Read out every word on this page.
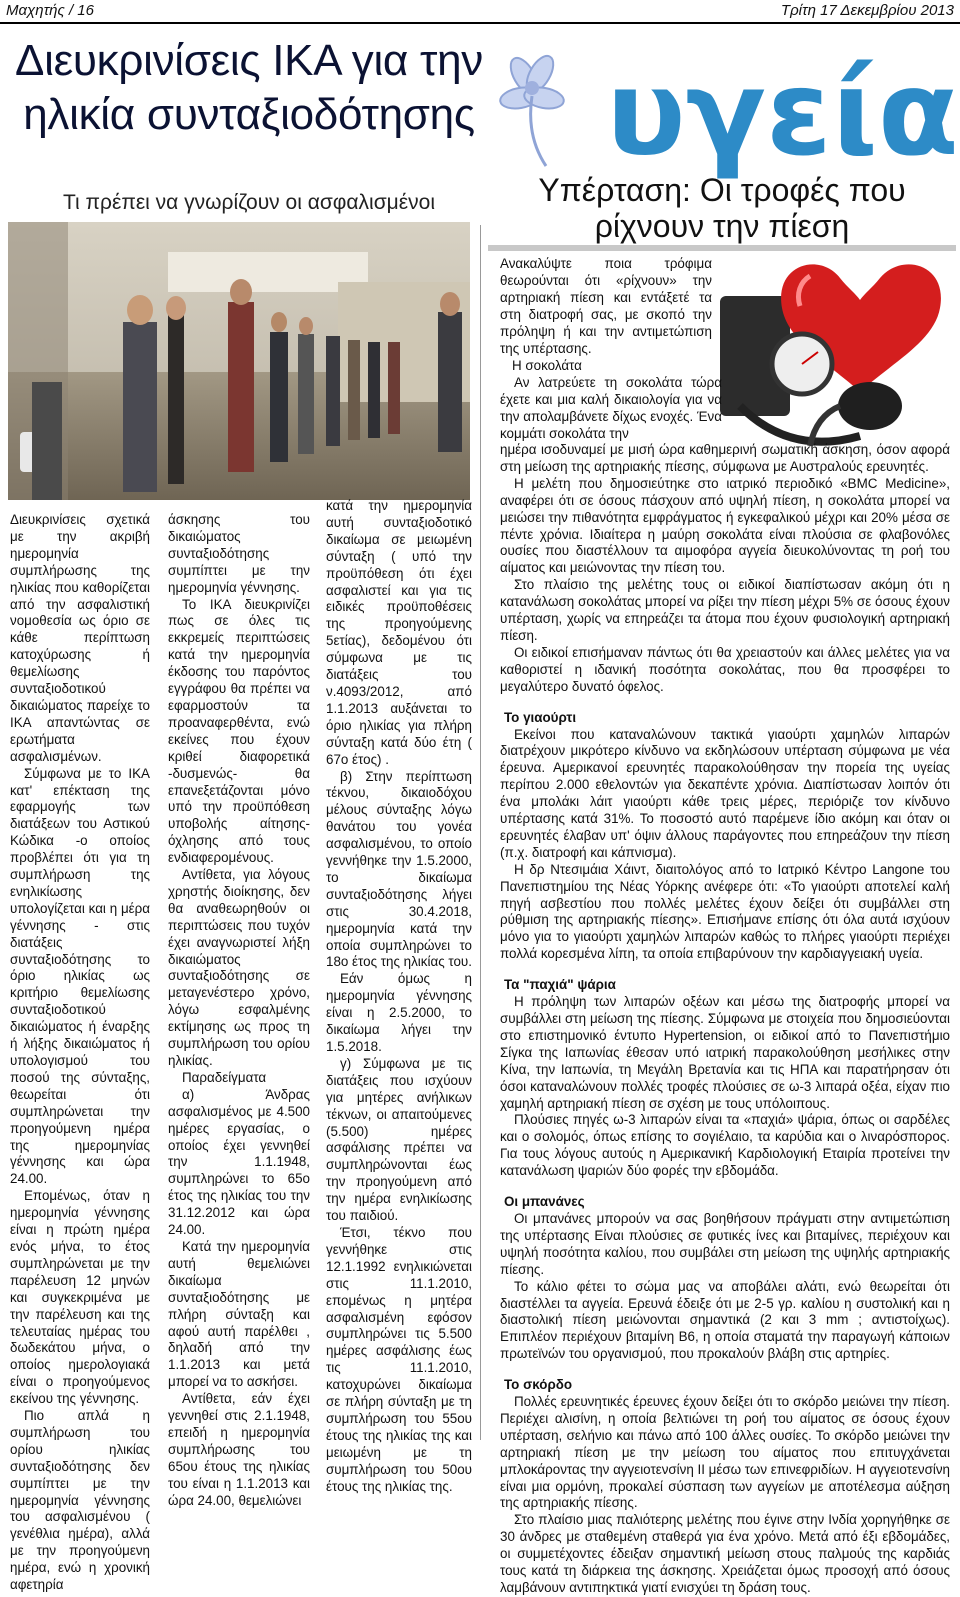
Μαχητής / 16	Τρίτη 17 Δεκεμβρίου 2013
Διευκρινίσεις ΙΚΑ για την ηλικία συνταξιοδότησης
Τι πρέπει να γνωρίζουν οι ασφαλισμένοι

Διευκρινίσεις σχετικά με την ακριβή ημερομηνία συμπλήρωσης της ηλικίας που καθορίζεται από την ασφαλιστική νομοθεσία ως όριο σε κάθε περίπτωση κατοχύρωσης ή θεμελίωσης συνταξιοδοτικού δικαιώματος παρείχε το ΙΚΑ απαντώντας σε ερωτήματα ασφαλισμένων.

Σύμφωνα με το ΙΚΑ κατ' επέκταση της εφαρμογής των διατάξεων του Αστικού Κώδικα -ο οποίος προβλέπει ότι για τη συμπλήρωση της ενηλικίωσης υπολογίζεται και η μέρα γέννησης - στις διατάξεις συνταξιοδότησης το όριο ηλικίας ως κριτήριο θεμελίωσης συνταξιοδοτικού δικαιώματος ή έναρξης ή λήξης δικαιώματος ή υπολογισμού του ποσού της σύνταξης, θεωρείται ότι συμπληρώνεται την προηγούμενη ημέρα της ημερομηνίας γέννησης και ώρα 24.00.

Επομένως, όταν η ημερομηνία γέννησης είναι η πρώτη ημέρα ενός μήνα, το έτος συμπληρώνεται με την παρέλευση 12 μηνών και συγκεκριμένα με την παρέλευση και της τελευταίας ημέρας του δωδεκάτου μήνα, ο οποίος ημερολογιακά είναι ο προηγούμενος εκείνου της γέννησης.

Πιο απλά η συμπλήρωση του ορίου ηλικίας συνταξιοδότησης δεν συμπίπτει με την ημερομηνία γέννησης του ασφαλισμένου ( γενέθλια ημέρα), αλλά με την προηγούμενη ημέρα, ενώ η χρονική αφετηρία

άσκησης του δικαιώματος συνταξιοδότησης συμπίπτει με την ημερομηνία γέννησης.

Το ΙΚΑ διευκρινίζει πως σε όλες τις εκκρεμείς περιπτώσεις κατά την ημερομηνία έκδοσης του παρόντος εγγράφου θα πρέπει να εφαρμοστούν τα προαναφερθέντα, ενώ εκείνες που έχουν κριθεί διαφορετικά -δυσμενώς- θα επανεξετάζονται μόνο υπό την προϋπόθεση υποβολής αίτησης-όχλησης από τους ενδιαφερομένους.

Αντίθετα, για λόγους χρηστής διοίκησης, δεν θα αναθεωρηθούν οι περιπτώσεις που τυχόν έχει αναγνωριστεί λήξη δικαιώματος συνταξιοδότησης σε μεταγενέστερο χρόνο, λόγω εσφαλμένης εκτίμησης ως προς τη συμπλήρωση του ορίου ηλικίας.

Παραδείγματα

α) Άνδρας ασφαλισμένος με 4.500 ημέρες εργασίας, ο οποίος έχει γεννηθεί την 1.1.1948, συμπληρώνει το 65ο έτος της ηλικίας του την 31.12.2012 και ώρα 24.00.

Κατά την ημερομηνία αυτή θεμελιώνει δικαίωμα συνταξιοδότησης με πλήρη σύνταξη και αφού αυτή παρέλθει , δηλαδή από την 1.1.2013 και μετά μπορεί να το ασκήσει.

Αντίθετα, εάν έχει γεννηθεί στις 2.1.1948, επειδή η ημερομηνία συμπλήρωσης του 65ου έτους της ηλικίας του είναι η 1.1.2013 και ώρα 24.00, θεμελιώνει

κατά την ημερομηνία αυτή συνταξιοδοτικό δικαίωμα σε μειωμένη σύνταξη ( υπό την προϋπόθεση ότι έχει ασφαλιστεί και για τις ειδικές προϋποθέσεις της προηγούμενης 5ετίας), δεδομένου ότι σύμφωνα με τις διατάξεις του ν.4093/2012, από 1.1.2013 αυξάνεται το όριο ηλικίας για πλήρη σύνταξη κατά δύο έτη ( 67ο έτος) .

β) Στην περίπτωση τέκνου, δικαιοδόχου μέλους σύνταξης λόγω θανάτου του γονέα ασφαλισμένου, το οποίο γεννήθηκε την 1.5.2000, το δικαίωμα συνταξιοδότησης λήγει στις 30.4.2018, ημερομηνία κατά την οποία συμπληρώνει το 18ο έτος της ηλικίας του.

Εάν όμως η ημερομηνία γέννησης είναι η 2.5.2000, το δικαίωμα λήγει την 1.5.2018.

γ) Σύμφωνα με τις διατάξεις που ισχύουν για μητέρες ανήλικων τέκνων, οι απαιτούμενες (5.500) ημέρες ασφάλισης πρέπει να συμπληρώνονται έως την προηγούμενη από την ημέρα ενηλικίωσης του παιδιού.

Έτσι, τέκνο που γεννήθηκε στις 12.1.1992 ενηλικιώνεται στις 11.1.2010, επομένως η μητέρα ασφαλισμένη εφόσον συμπληρώνει τις 5.500 ημέρες ασφάλισης έως τις 11.1.2010, κατοχυρώνει δικαίωμα σε πλήρη σύνταξη με τη συμπλήρωση του 55ου έτους της ηλικίας της και μειωμένη με τη συμπλήρωση του 50ου έτους της ηλικίας της.

υγεία
Υπέρταση: Οι τροφές που ρίχνουν την πίεση
Ανακαλύψτε ποια τρόφιμα θεωρούνται ότι «ρίχνουν» την αρτηριακή πίεση και εντάξετέ τα στη διατροφή σας, με σκοπό την πρόληψη ή και την αντιμετώπιση της υπέρτασης.
Η σοκολάτα
Αν λατρεύετε τη σοκολάτα τώρα έχετε και μια καλή δικαιολογία για να την απολαμβάνετε δίχως ενοχές. Ένα κομμάτι σοκολάτα την

ημέρα ισοδυναμεί με μισή ώρα καθημερινή σωματική άσκηση, όσον αφορά στη μείωση της αρτηριακής πίεσης, σύμφωνα με Αυστραλούς ερευνητές.

Η μελέτη που δημοσιεύτηκε στο ιατρικό περιοδικό «BMC Medicine», αναφέρει ότι σε όσους πάσχουν από υψηλή πίεση, η σοκολάτα μπορεί να μειώσει την πιθανότητα εμφράγματος ή εγκεφαλικού μέχρι και 20% μέσα σε πέντε χρόνια. Ιδιαίτερα η μαύρη σοκολάτα είναι πλούσια σε φλαβονόλες ουσίες που διαστέλλουν τα αιμοφόρα αγγεία διευκολύνοντας τη ροή του αίματος και μειώνοντας την πίεση του.

Στο πλαίσιο της μελέτης τους οι ειδικοί διαπίστωσαν ακόμη ότι η κατανάλωση σοκολάτας μπορεί να ρίξει την πίεση μέχρι 5% σε όσους έχουν υπέρταση, χωρίς να επηρεάζει τα άτομα που έχουν φυσιολογική αρτηριακή πίεση.

Οι ειδικοί επισήμαναν πάντως ότι θα χρειαστούν και άλλες μελέτες για να καθοριστεί η ιδανική ποσότητα σοκολάτας, που θα προσφέρει το μεγαλύτερο δυνατό όφελος.

Το γιαούρτι

Εκείνοι που καταναλώνουν τακτικά γιαούρτι χαμηλών λιπαρών διατρέχουν μικρότερο κίνδυνο να εκδηλώσουν υπέρταση σύμφωνα με νέα έρευνα. Αμερικανοί ερευνητές παρακολούθησαν την πορεία της υγείας περίπου 2.000 εθελοντών για δεκαπέντε χρόνια. Διαπίστωσαν λοιπόν ότι ένα μπολάκι λάιτ γιαούρτι κάθε τρεις μέρες, περιόριζε τον κίνδυνο υπέρτασης κατά 31%. Το ποσοστό αυτό παρέμενε ίδιο ακόμη και όταν οι ερευνητές έλαβαν υπ' όψιν άλλους παράγοντες που επηρεάζουν την πίεση (π.χ. διατροφή και κάπνισμα).

Η δρ Ντεσιμάια Χάιντ, διαιτολόγος από το Ιατρικό Κέντρο Langone του Πανεπιστημίου της Νέας Υόρκης ανέφερε ότι: «Το γιαούρτι αποτελεί καλή πηγή ασβεστίου που πολλές μελέτες έχουν δείξει ότι συμβάλλει στη ρύθμιση της αρτηριακής πίεσης». Επισήμανε επίσης ότι όλα αυτά ισχύουν μόνο για το γιαούρτι χαμηλών λιπαρών καθώς το πλήρες γιαούρτι περιέχει πολλά κορεσμένα λίπη, τα οποία επιβαρύνουν την καρδιαγγειακή υγεία.

Τα "παχιά" ψάρια

Η πρόληψη των λιπαρών οξέων και μέσω της διατροφής μπορεί να συμβάλλει στη μείωση της πίεσης. Σύμφωνα με στοιχεία που δημοσιεύονται στο επιστημονικό έντυπο Hypertension, οι ειδικοί από το Πανεπιστήμιο Σίγκα της Ιαπωνίας έθεσαν υπό ιατρική παρακολούθηση μεσήλικες στην Κίνα, την Ιαπωνία, τη Μεγάλη Βρετανία και τις ΗΠΑ και παρατήρησαν ότι όσοι καταναλώνουν πολλές τροφές πλούσιες σε ω-3 λιπαρά οξέα, είχαν πιο χαμηλή αρτηριακή πίεση σε σχέση με τους υπόλοιπους.

Πλούσιες πηγές ω-3 λιπαρών είναι τα «παχιά» ψάρια, όπως οι σαρδέλες και ο σολομός, όπως επίσης το σογιέλαιο, τα καρύδια και ο λιναρόσπορος. Για τους λόγους αυτούς η Αμερικανική Καρδιολογική Εταιρία προτείνει την κατανάλωση ψαριών δύο φορές την εβδομάδα.

Οι μπανάνες

Οι μπανάνες μπορούν να σας βοηθήσουν πράγματι στην αντιμετώπιση της υπέρτασης Είναι πλούσιες σε φυτικές ίνες και βιταμίνες, περιέχουν και υψηλή ποσότητα καλίου, που συμβάλει στη μείωση της υψηλής αρτηριακής πίεσης.

Το κάλιο φέτει το σώμα μας να αποβάλει αλάτι, ενώ θεωρείται ότι διαστέλλει τα αγγεία. Ερευνά έδειξε ότι με 2-5 γρ. καλίου η συστολική και η διαστολική πίεση μειώνονται σημαντικά (2 και 3 mm ; αντιστοίχως). Επιπλέον περιέχουν βιταμίνη Β6, η οποία σταματά την παραγωγή κάποιων πρωτεϊνών του οργανισμού, που προκαλούν βλάβη στις αρτηρίες.

Το σκόρδο

Πολλές ερευνητικές έρευνες έχουν δείξει ότι το σκόρδο μειώνει την πίεση. Περιέχει αλισίνη, η οποία βελτιώνει τη ροή του αίματος σε όσους έχουν υπέρταση, σελήνιο και πάνω από 100 άλλες ουσίες. Το σκόρδο μειώνει την αρτηριακή πίεση με την μείωση του αίματος που επιτυγχάνεται μπλοκάροντας την αγγειοτενσίνη ΙΙ μέσω των επινεφριδίων. Η αγγειοτενσίνη είναι μια ορμόνη, προκαλεί σύσπαση των αγγείων με αποτέλεσμα αύξηση της αρτηριακής πίεσης.

Στο πλαίσιο μιας παλιότερης μελέτης που έγινε στην Ινδία χορηγήθηκε σε 30 άνδρες με σταθεμένη σταθερά για ένα χρόνο. Μετά από έξι εβδομάδες, οι συμμετέχοντες έδειξαν σημαντική μείωση στους παλμούς της καρδιάς τους κατά τη διάρκεια της άσκησης. Χρειάζεται όμως προσοχή από όσους λαμβάνουν αντιπηκτικά γιατί ενισχύει τη δράση τους.
